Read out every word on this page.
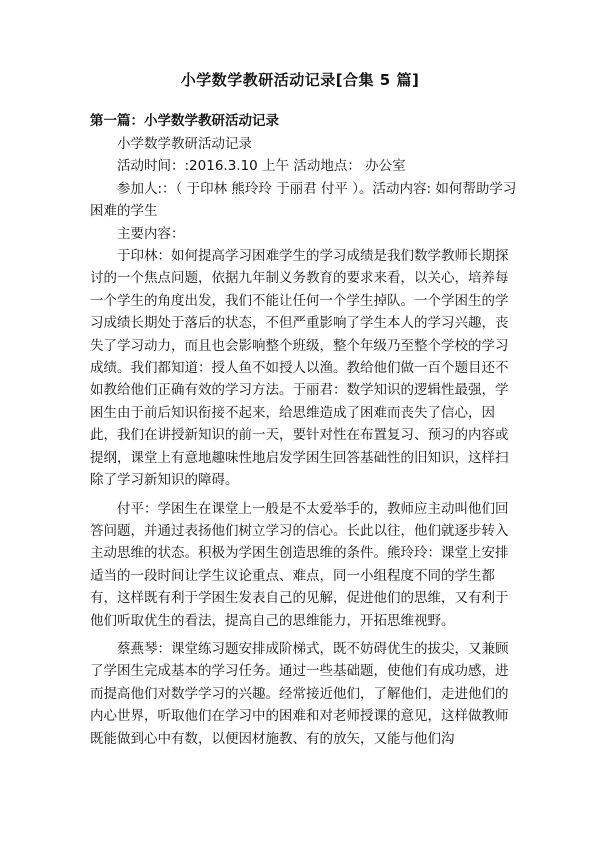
小学数学教研活动记录[合集 5 篇]
第一篇：小学数学教研活动记录

小学数学教研活动记录

活动时间：:2016.3.10 上午 活动地点： 办公室

参加人:：（ 于印林 熊玲玲 于丽君 付平 ）。活动内容: 如何帮助学习困难的学生

主要内容：

于印林：如何提高学习困难学生的学习成绩是我们数学教师长期探讨的一个焦点问题，依据九年制义务教育的要求来看，以关心，培养每一个学生的角度出发，我们不能让任何一个学生掉队。一个学困生的学习成绩长期处于落后的状态，不但严重影响了学生本人的学习兴趣，丧失了学习动力，而且也会影响整个班级，整个年级乃至整个学校的学习成绩。我们都知道：授人鱼不如授人以渔。教给他们做一百个题目还不如教给他们正确有效的学习方法。于丽君：数学知识的逻辑性最强，学困生由于前后知识衔接不起来，给思维造成了困难而丧失了信心，因此，我们在讲授新知识的前一天，要针对性在布置复习、预习的内容或提纲，课堂上有意地趣味性地启发学困生回答基础性的旧知识，这样扫除了学习新知识的障碍。

付平：学困生在课堂上一般是不太爱举手的，教师应主动叫他们回答问题，并通过表扬他们树立学习的信心。长此以往，他们就逐步转入主动思维的状态。积极为学困生创造思维的条件。熊玲玲：课堂上安排适当的一段时间让学生议论重点、难点，同一小组程度不同的学生都有，这样既有利于学困生发表自己的见解，促进他们的思维，又有利于他们听取优生的看法，提高自己的思维能力，开拓思维视野。

蔡燕琴：课堂练习题安排成阶梯式，既不妨碍优生的拔尖，又兼顾了学困生完成基本的学习任务。通过一些基础题，使他们有成功感，进而提高他们对数学学习的兴趣。经常接近他们，了解他们，走进他们的内心世界，听取他们在学习中的困难和对老师授课的意见，这样做教师既能做到心中有数，以便因材施教、有的放矢，又能与他们沟
